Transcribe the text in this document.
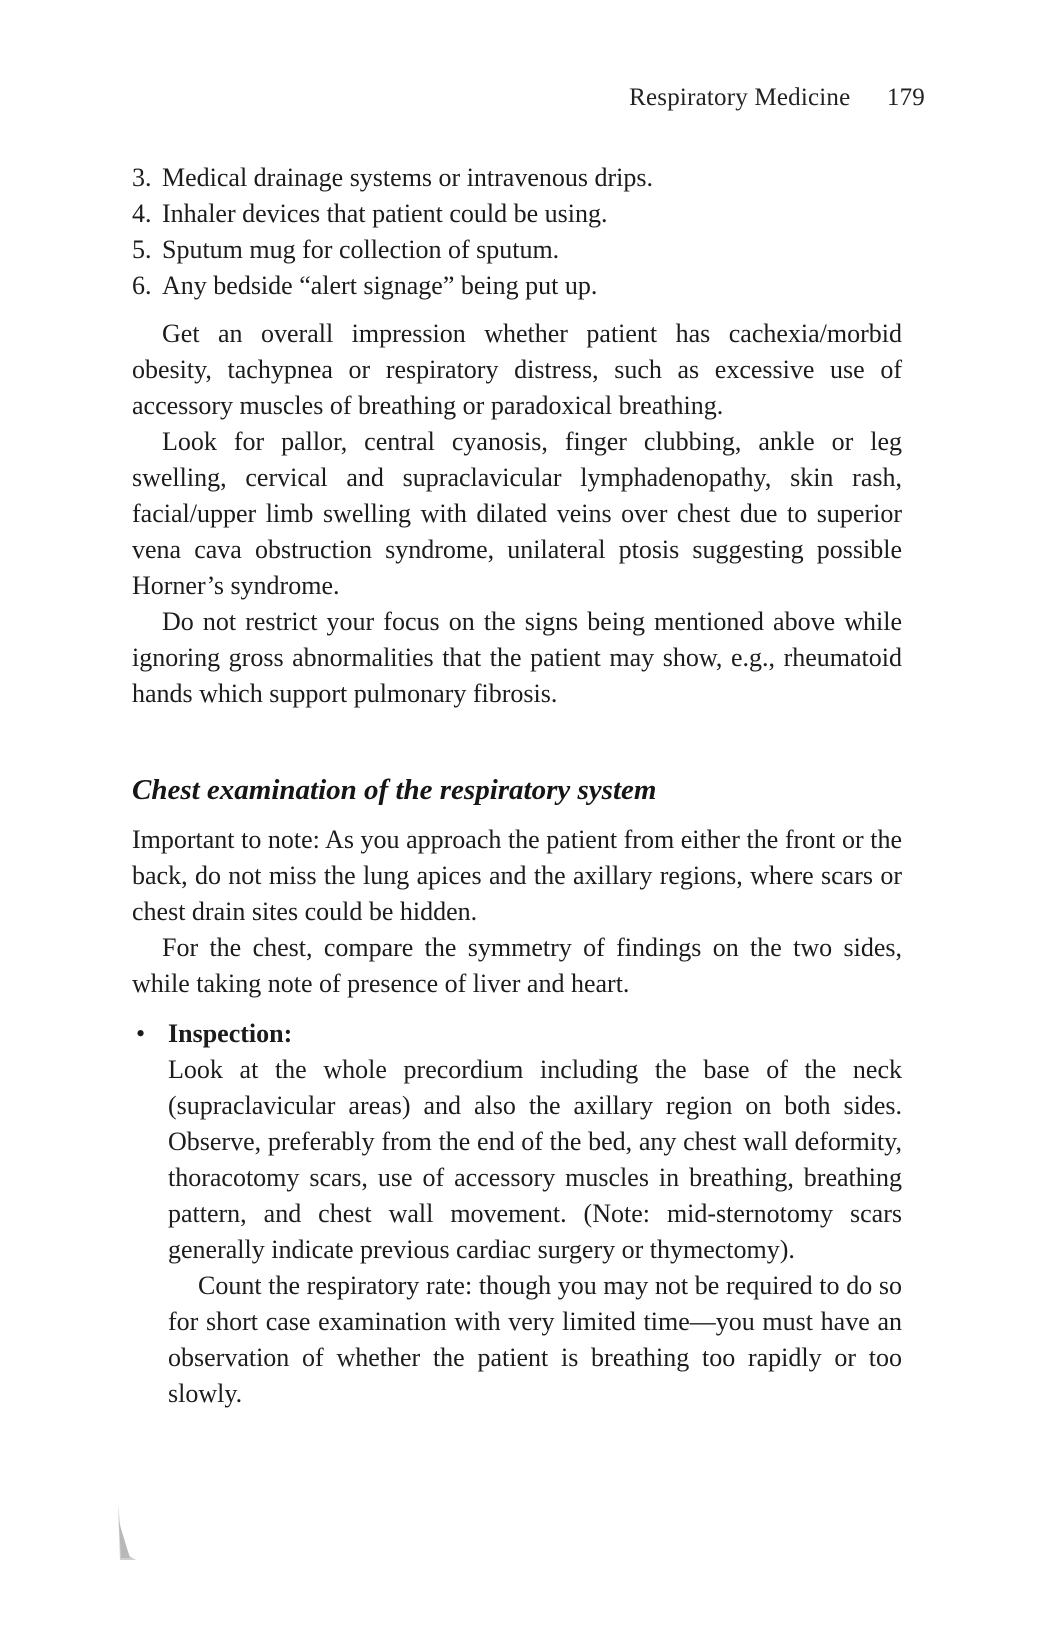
Respiratory Medicine 179
3. Medical drainage systems or intravenous drips.
4. Inhaler devices that patient could be using.
5. Sputum mug for collection of sputum.
6. Any bedside “alert signage” being put up.

Get an overall impression whether patient has cachexia/morbid obesity, tachypnea or respiratory distress, such as excessive use of accessory muscles of breathing or paradoxical breathing.

Look for pallor, central cyanosis, finger clubbing, ankle or leg swelling, cervical and supraclavicular lymphadenopathy, skin rash, facial/upper limb swelling with dilated veins over chest due to superior vena cava obstruction syndrome, unilateral ptosis suggesting possible Horner’s syndrome.

Do not restrict your focus on the signs being mentioned above while ignoring gross abnormalities that the patient may show, e.g., rheumatoid hands which support pulmonary fibrosis.

Chest examination of the respiratory system

Important to note: As you approach the patient from either the front or the back, do not miss the lung apices and the axillary regions, where scars or chest drain sites could be hidden.

For the chest, compare the symmetry of findings on the two sides, while taking note of presence of liver and heart.

• Inspection:

Look at the whole precordium including the base of the neck (supraclavicular areas) and also the axillary region on both sides. Observe, preferably from the end of the bed, any chest wall deformity, thoracotomy scars, use of accessory muscles in breathing, breathing pattern, and chest wall movement. (Note: mid-sternotomy scars generally indicate previous cardiac surgery or thymectomy).

Count the respiratory rate: though you may not be required to do so for short case examination with very limited time—you must have an observation of whether the patient is breathing too rapidly or too slowly.
